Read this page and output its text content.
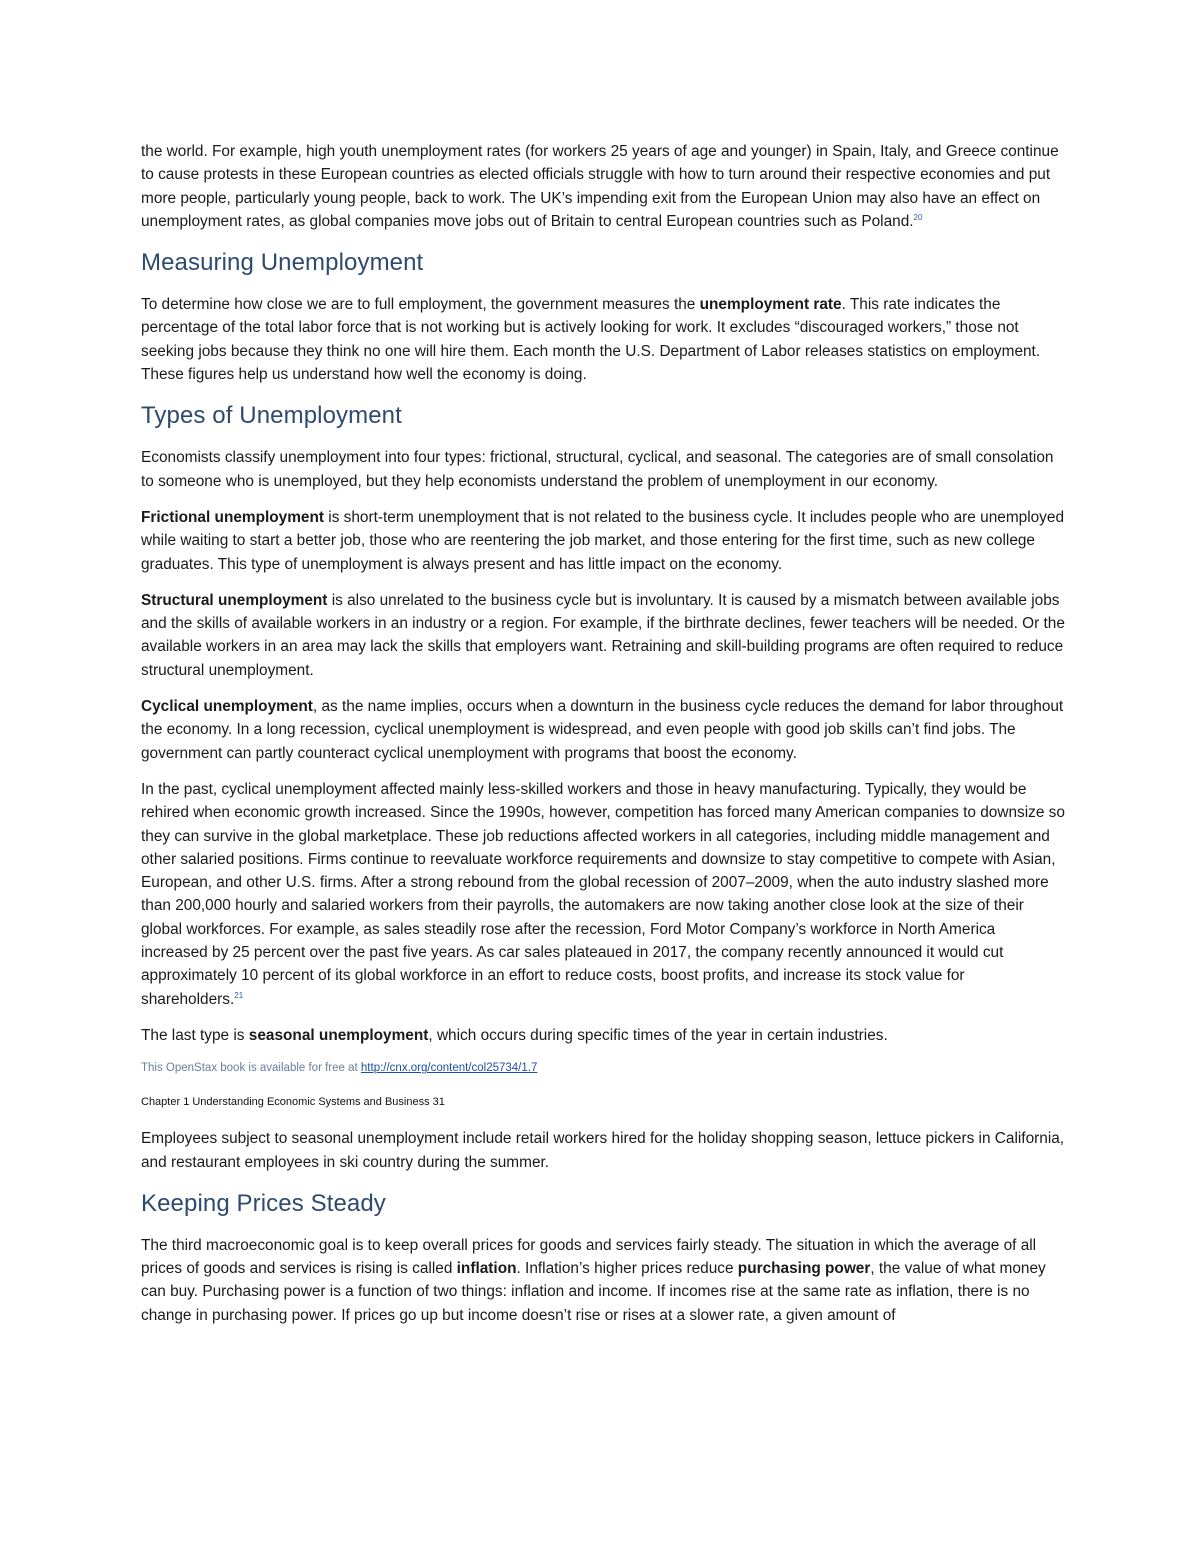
the world. For example, high youth unemployment rates (for workers 25 years of age and younger) in Spain, Italy, and Greece continue to cause protests in these European countries as elected officials struggle with how to turn around their respective economies and put more people, particularly young people, back to work. The UK’s impending exit from the European Union may also have an effect on unemployment rates, as global companies move jobs out of Britain to central European countries such as Poland.$^{20}$

Measuring Unemployment

To determine how close we are to full employment, the government measures the unemployment rate. This rate indicates the percentage of the total labor force that is not working but is actively looking for work. It excludes “discouraged workers,” those not seeking jobs because they think no one will hire them. Each month the U.S. Department of Labor releases statistics on employment. These figures help us understand how well the economy is doing.

Types of Unemployment

Economists classify unemployment into four types: frictional, structural, cyclical, and seasonal. The categories are of small consolation to someone who is unemployed, but they help economists understand the problem of unemployment in our economy.

Frictional unemployment is short-term unemployment that is not related to the business cycle. It includes people who are unemployed while waiting to start a better job, those who are reentering the job market, and those entering for the first time, such as new college graduates. This type of unemployment is always present and has little impact on the economy.

Structural unemployment is also unrelated to the business cycle but is involuntary. It is caused by a mismatch between available jobs and the skills of available workers in an industry or a region. For example, if the birthrate declines, fewer teachers will be needed. Or the available workers in an area may lack the skills that employers want. Retraining and skill-building programs are often required to reduce structural unemployment.

Cyclical unemployment, as the name implies, occurs when a downturn in the business cycle reduces the demand for labor throughout the economy. In a long recession, cyclical unemployment is widespread, and even people with good job skills can’t find jobs. The government can partly counteract cyclical unemployment with programs that boost the economy.

In the past, cyclical unemployment affected mainly less-skilled workers and those in heavy manufacturing. Typically, they would be rehired when economic growth increased. Since the 1990s, however, competition has forced many American companies to downsize so they can survive in the global marketplace. These job reductions affected workers in all categories, including middle management and other salaried positions. Firms continue to reevaluate workforce requirements and downsize to stay competitive to compete with Asian, European, and other U.S. firms. After a strong rebound from the global recession of 2007–2009, when the auto industry slashed more than 200,000 hourly and salaried workers from their payrolls, the automakers are now taking another close look at the size of their global workforces. For example, as sales steadily rose after the recession, Ford Motor Company’s workforce in North America increased by 25 percent over the past five years. As car sales plateaued in 2017, the company recently announced it would cut approximately 10 percent of its global workforce in an effort to reduce costs, boost profits, and increase its stock value for shareholders.$^{21}$

The last type is seasonal unemployment, which occurs during specific times of the year in certain industries.

This OpenStax book is available for free at http://cnx.org/content/col25734/1.7

Chapter 1 Understanding Economic Systems and Business 31

Employees subject to seasonal unemployment include retail workers hired for the holiday shopping season, lettuce pickers in California, and restaurant employees in ski country during the summer.

Keeping Prices Steady

The third macroeconomic goal is to keep overall prices for goods and services fairly steady. The situation in which the average of all prices of goods and services is rising is called inflation. Inflation’s higher prices reduce purchasing power, the value of what money can buy. Purchasing power is a function of two things: inflation and income. If incomes rise at the same rate as inflation, there is no change in purchasing power. If prices go up but income doesn’t rise or rises at a slower rate, a given amount of
